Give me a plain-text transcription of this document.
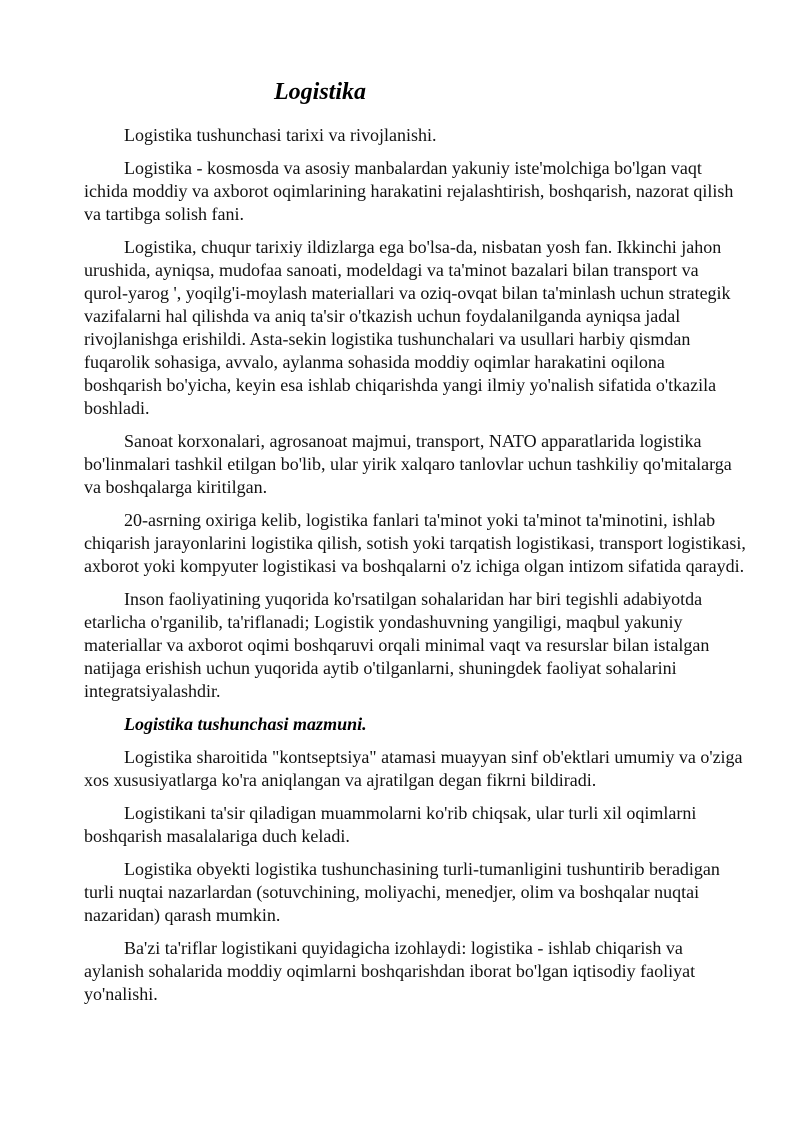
Logistika

Logistika tushunchasi tarixi va rivojlanishi.

Logistika - kosmosda va asosiy manbalardan yakuniy iste'molchiga bo'lgan vaqt ichida moddiy va axborot oqimlarining harakatini rejalashtirish, boshqarish, nazorat qilish va tartibga solish fani.

Logistika, chuqur tarixiy ildizlarga ega bo'lsa-da, nisbatan yosh fan. Ikkinchi jahon urushida, ayniqsa, mudofaa sanoati, modeldagi va ta'minot bazalari bilan transport va qurol-yarog ', yoqilg'i-moylash materiallari va oziq-ovqat bilan ta'minlash uchun strategik vazifalarni hal qilishda va aniq ta'sir o'tkazish uchun foydalanilganda ayniqsa jadal rivojlanishga erishildi. Asta-sekin logistika tushunchalari va usullari harbiy qismdan fuqarolik sohasiga, avvalo, aylanma sohasida moddiy oqimlar harakatini oqilona boshqarish bo'yicha, keyin esa ishlab chiqarishda yangi ilmiy yo'nalish sifatida o'tkazila boshladi.

Sanoat korxonalari, agrosanoat majmui, transport, NATO apparatlarida logistika bo'linmalari tashkil etilgan bo'lib, ular yirik xalqaro tanlovlar uchun tashkiliy qo'mitalarga va boshqalarga kiritilgan.

20-asrning oxiriga kelib, logistika fanlari ta'minot yoki ta'minot ta'minotini, ishlab chiqarish jarayonlarini logistika qilish, sotish yoki tarqatish logistikasi, transport logistikasi, axborot yoki kompyuter logistikasi va boshqalarni o'z ichiga olgan intizom sifatida qaraydi.

Inson faoliyatining yuqorida ko'rsatilgan sohalaridan har biri tegishli adabiyotda etarlicha o'rganilib, ta'riflanadi; Logistik yondashuvning yangiligi, maqbul yakuniy materiallar va axborot oqimi boshqaruvi orqali minimal vaqt va resurslar bilan istalgan natijaga erishish uchun yuqorida aytib o'tilganlarni, shuningdek faoliyat sohalarini integratsiyalashdir.

Logistika tushunchasi mazmuni.

Logistika sharoitida "kontseptsiya" atamasi muayyan sinf ob'ektlari umumiy va o'ziga xos xususiyatlarga ko'ra aniqlangan va ajratilgan degan fikrni bildiradi.

Logistikani ta'sir qiladigan muammolarni ko'rib chiqsak, ular turli xil oqimlarni boshqarish masalalariga duch keladi.

Logistika obyekti logistika tushunchasining turli-tumanligini tushuntirib beradigan turli nuqtai nazarlardan (sotuvchining, moliyachi, menedjer, olim va boshqalar nuqtai nazaridan) qarash mumkin.

Ba'zi ta'riflar logistikani quyidagicha izohlaydi: logistika - ishlab chiqarish va aylanish sohalarida moddiy oqimlarni boshqarishdan iborat bo'lgan iqtisodiy faoliyat yo'nalishi.
